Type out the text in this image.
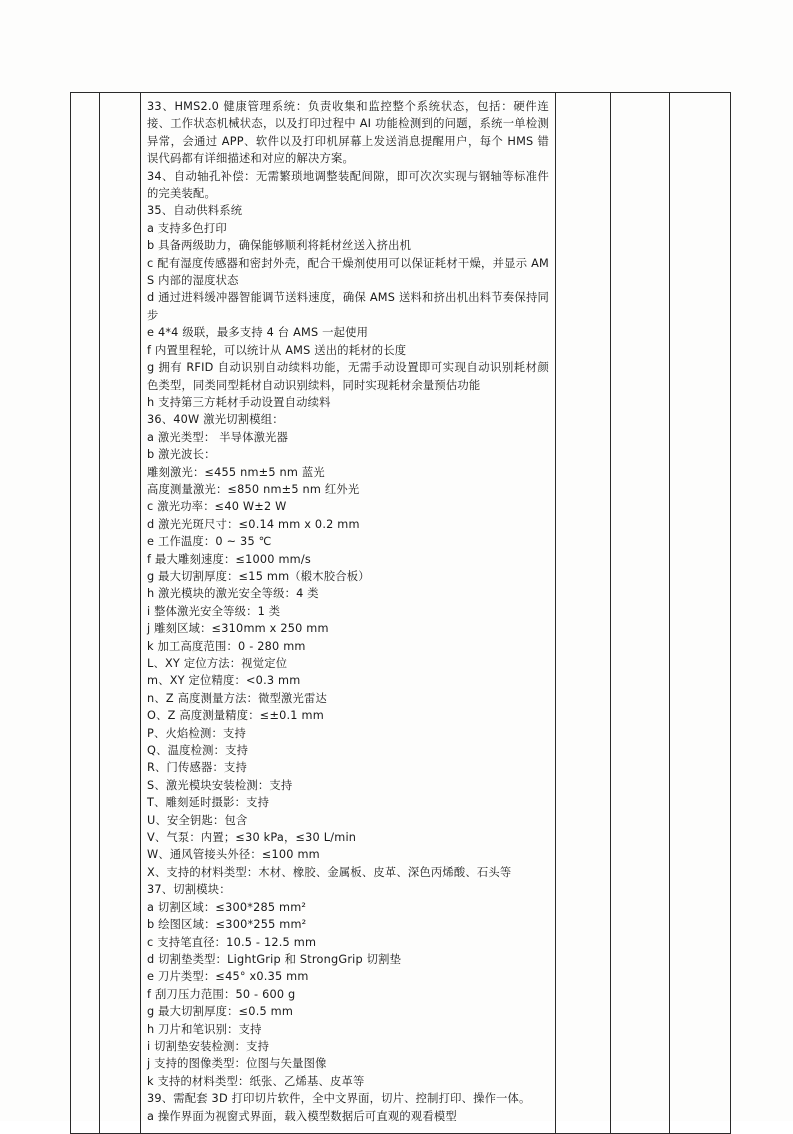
33、HMS2.0 健康管理系统：负责收集和监控整个系统状态，包括：硬件连接、工作状态机械状态，以及打印过程中 AI 功能检测到的问题，系统一单检测异常，会通过 APP、软件以及打印机屏幕上发送消息提醒用户，每个 HMS 错误代码都有详细描述和对应的解决方案。
34、自动轴孔补偿：无需繁琐地调整装配间隙，即可次次实现与钢轴等标准件的完美装配。
35、自动供料系统
a 支持多色打印
b 具备两级助力，确保能够顺利将耗材丝送入挤出机
c 配有湿度传感器和密封外壳，配合干燥剂使用可以保证耗材干燥，并显示 AMS 内部的湿度状态
d 通过进料缓冲器智能调节送料速度，确保 AMS 送料和挤出机出料节奏保持同步
e 4*4 级联，最多支持 4 台 AMS 一起使用
f 内置里程轮，可以统计从 AMS 送出的耗材的长度
g 拥有 RFID 自动识别自动续料功能，无需手动设置即可实现自动识别耗材颜色类型，同类同型耗材自动识别续料，同时实现耗材余量预估功能
h 支持第三方耗材手动设置自动续料
36、40W 激光切割模组：
a 激光类型： 半导体激光器
b 激光波长：
雕刻激光：≤455 nm±5 nm 蓝光
高度测量激光：≤850 nm±5 nm 红外光
c 激光功率：≤40 W±2 W
d 激光光斑尺寸：≤0.14 mm x 0.2 mm
e 工作温度：0 ~ 35 ℃
f 最大雕刻速度：≤1000 mm/s
g 最大切割厚度：≤15 mm（椴木胶合板）
h 激光模块的激光安全等级：4 类
i 整体激光安全等级：1 类
j 雕刻区域：≤310mm x 250 mm
k 加工高度范围：0 - 280 mm
L、XY 定位方法：视觉定位
m、XY 定位精度：<0.3 mm
n、Z 高度测量方法：微型激光雷达
O、Z 高度测量精度：≤±0.1 mm
P、火焰检测：支持
Q、温度检测：支持
R、门传感器：支持
S、激光模块安装检测：支持
T、雕刻延时摄影：支持
U、安全钥匙：包含
V、气泵：内置；≤30 kPa，≤30 L/min
W、通风管接头外径：≤100 mm
X、支持的材料类型：木材、橡胶、金属板、皮革、深色丙烯酸、石头等
37、切割模块：
a 切割区域：≤300*285 mm²
b 绘图区域：≤300*255 mm²
c 支持笔直径：10.5 - 12.5 mm
d 切割垫类型：LightGrip 和 StrongGrip 切割垫
e 刀片类型：≤45° x0.35 mm
f 刮刀压力范围：50 - 600 g
g 最大切割厚度：≤0.5 mm
h 刀片和笔识别：支持
i 切割垫安装检测：支持
j 支持的图像类型：位图与矢量图像
k 支持的材料类型：纸张、乙烯基、皮革等
39、需配套 3D 打印切片软件，全中文界面，切片、控制打印、操作一体。
a 操作界面为视窗式界面，载入模型数据后可直观的观看模型
